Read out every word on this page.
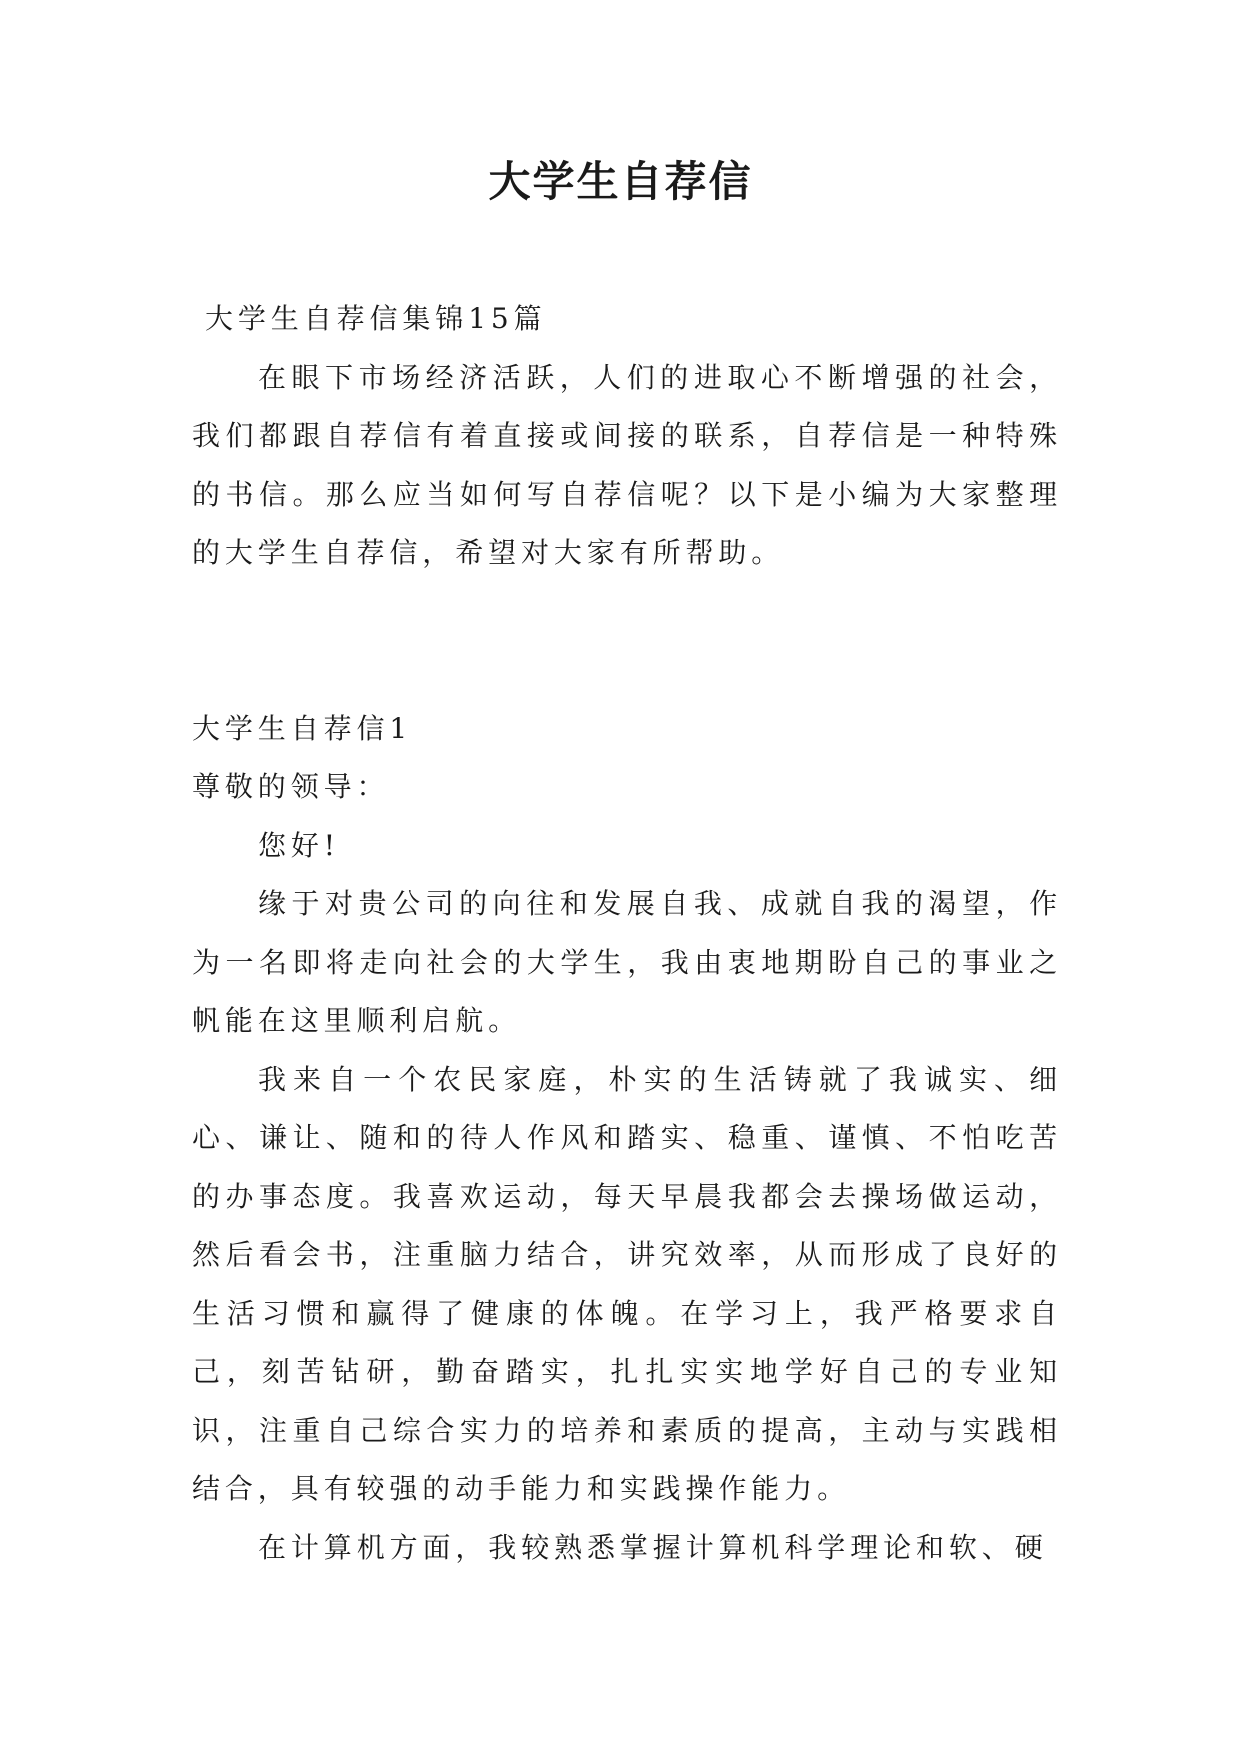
大学生自荐信

大学生自荐信集锦15篇

在眼下市场经济活跃，人们的进取心不断增强的社会，我们都跟自荐信有着直接或间接的联系，自荐信是一种特殊的书信。那么应当如何写自荐信呢？以下是小编为大家整理的大学生自荐信，希望对大家有所帮助。

大学生自荐信1

尊敬的领导：

您好!

缘于对贵公司的向往和发展自我、成就自我的渴望，作为一名即将走向社会的大学生，我由衷地期盼自己的事业之帆能在这里顺利启航。

我来自一个农民家庭，朴实的生活铸就了我诚实、细心、谦让、随和的待人作风和踏实、稳重、谨慎、不怕吃苦的办事态度。我喜欢运动，每天早晨我都会去操场做运动，然后看会书，注重脑力结合，讲究效率，从而形成了良好的生活习惯和赢得了健康的体魄。在学习上，我严格要求自己，刻苦钻研，勤奋踏实，扎扎实实地学好自己的专业知识，注重自己综合实力的培养和素质的提高，主动与实践相结合，具有较强的动手能力和实践操作能力。

在计算机方面，我较熟悉掌握计算机科学理论和软、硬
